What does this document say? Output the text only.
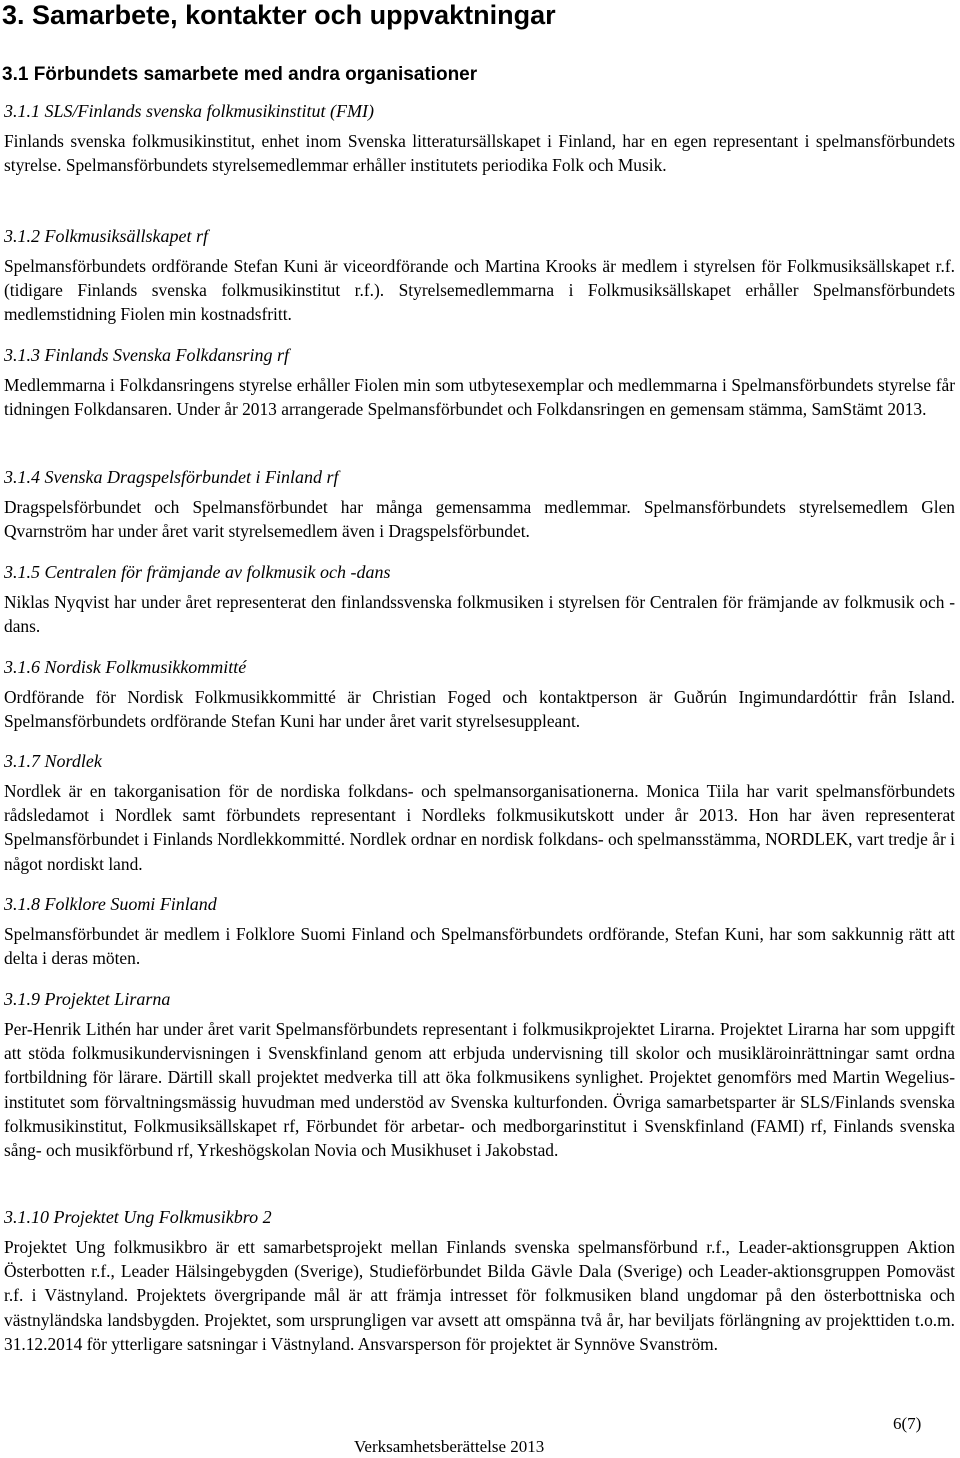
3. Samarbete, kontakter och uppvaktningar
3.1 Förbundets samarbete med andra organisationer
3.1.1 SLS/Finlands svenska folkmusikinstitut (FMI)

Finlands svenska folkmusikinstitut, enhet inom Svenska litteratursällskapet i Finland, har en egen representant i spelmansförbundets styrelse. Spelmansförbundets styrelsemedlemmar erhåller institutets periodika Folk och Musik.

3.1.2 Folkmusiksällskapet rf

Spelmansförbundets ordförande Stefan Kuni är viceordförande och Martina Krooks är medlem i styrelsen för Folkmusiksällskapet r.f. (tidigare Finlands svenska folkmusikinstitut r.f.). Styrelsemedlemmarna i Folkmusiksällskapet erhåller Spelmansförbundets medlemstidning Fiolen min kostnadsfritt.

3.1.3 Finlands Svenska Folkdansring rf

Medlemmarna i Folkdansringens styrelse erhåller Fiolen min som utbytesexemplar och medlemmarna i Spelmansförbundets styrelse får tidningen Folkdansaren. Under år 2013 arrangerade Spelmansförbundet och Folkdansringen en gemensam stämma, SamStämt 2013.

3.1.4 Svenska Dragspelsförbundet i Finland rf

Dragspelsförbundet och Spelmansförbundet har många gemensamma medlemmar. Spelmansförbundets styrelsemedlem Glen Qvarnström har under året varit styrelsemedlem även i Dragspelsförbundet.

3.1.5 Centralen för främjande av folkmusik och -dans

Niklas Nyqvist har under året representerat den finlandssvenska folkmusiken i styrelsen för Centralen för främjande av folkmusik och -dans.

3.1.6 Nordisk Folkmusikkommitté

Ordförande för Nordisk Folkmusikkommitté är Christian Foged och kontaktperson är Guðrún Ingimundardóttir från Island. Spelmansförbundets ordförande Stefan Kuni har under året varit styrelsesuppleant.

3.1.7 Nordlek

Nordlek är en takorganisation för de nordiska folkdans- och spelmansorganisationerna. Monica Tiila har varit spelmansförbundets rådsledamot i Nordlek samt förbundets representant i Nordleks folkmusikutskott under år 2013. Hon har även representerat Spelmansförbundet i Finlands Nordlekkommitté. Nordlek ordnar en nordisk folkdans- och spelmansstämma, NORDLEK, vart tredje år i något nordiskt land.

3.1.8 Folklore Suomi Finland

Spelmansförbundet är medlem i Folklore Suomi Finland och Spelmansförbundets ordförande, Stefan Kuni, har som sakkunnig rätt att delta i deras möten.

3.1.9 Projektet Lirarna

Per-Henrik Lithén har under året varit Spelmansförbundets representant i folkmusikprojektet Lirarna. Projektet Lirarna har som uppgift att stöda folkmusikundervisningen i Svenskfinland genom att erbjuda undervisning till skolor och musikläroinrättningar samt ordna fortbildning för lärare. Därtill skall projektet medverka till att öka folkmusikens synlighet. Projektet genomförs med Martin Wegelius-institutet som förvaltningsmässig huvudman med understöd av Svenska kulturfonden. Övriga samarbetsparter är SLS/Finlands svenska folkmusikinstitut, Folkmusiksällskapet rf, Förbundet för arbetar- och medborgarinstitut i Svenskfinland (FAMI) rf, Finlands svenska sång- och musikförbund rf, Yrkeshögskolan Novia och Musikhuset i Jakobstad.

3.1.10 Projektet Ung Folkmusikbro 2

Projektet Ung folkmusikbro är ett samarbetsprojekt mellan Finlands svenska spelmansförbund r.f., Leader-aktionsgruppen Aktion Österbotten r.f., Leader Hälsingebygden (Sverige), Studieförbundet Bilda Gävle Dala (Sverige) och Leader-aktionsgruppen Pomoväst r.f. i Västnyland. Projektets övergripande mål är att främja intresset för folkmusiken bland ungdomar på den österbottniska och västnyländska landsbygden. Projektet, som ursprungligen var avsett att omspänna två år, har beviljats förlängning av projekttiden t.o.m. 31.12.2014 för ytterligare satsningar i Västnyland. Ansvarsperson för projektet är Synnöve Svanström.

6(7)
Verksamhetsberättelse 2013
